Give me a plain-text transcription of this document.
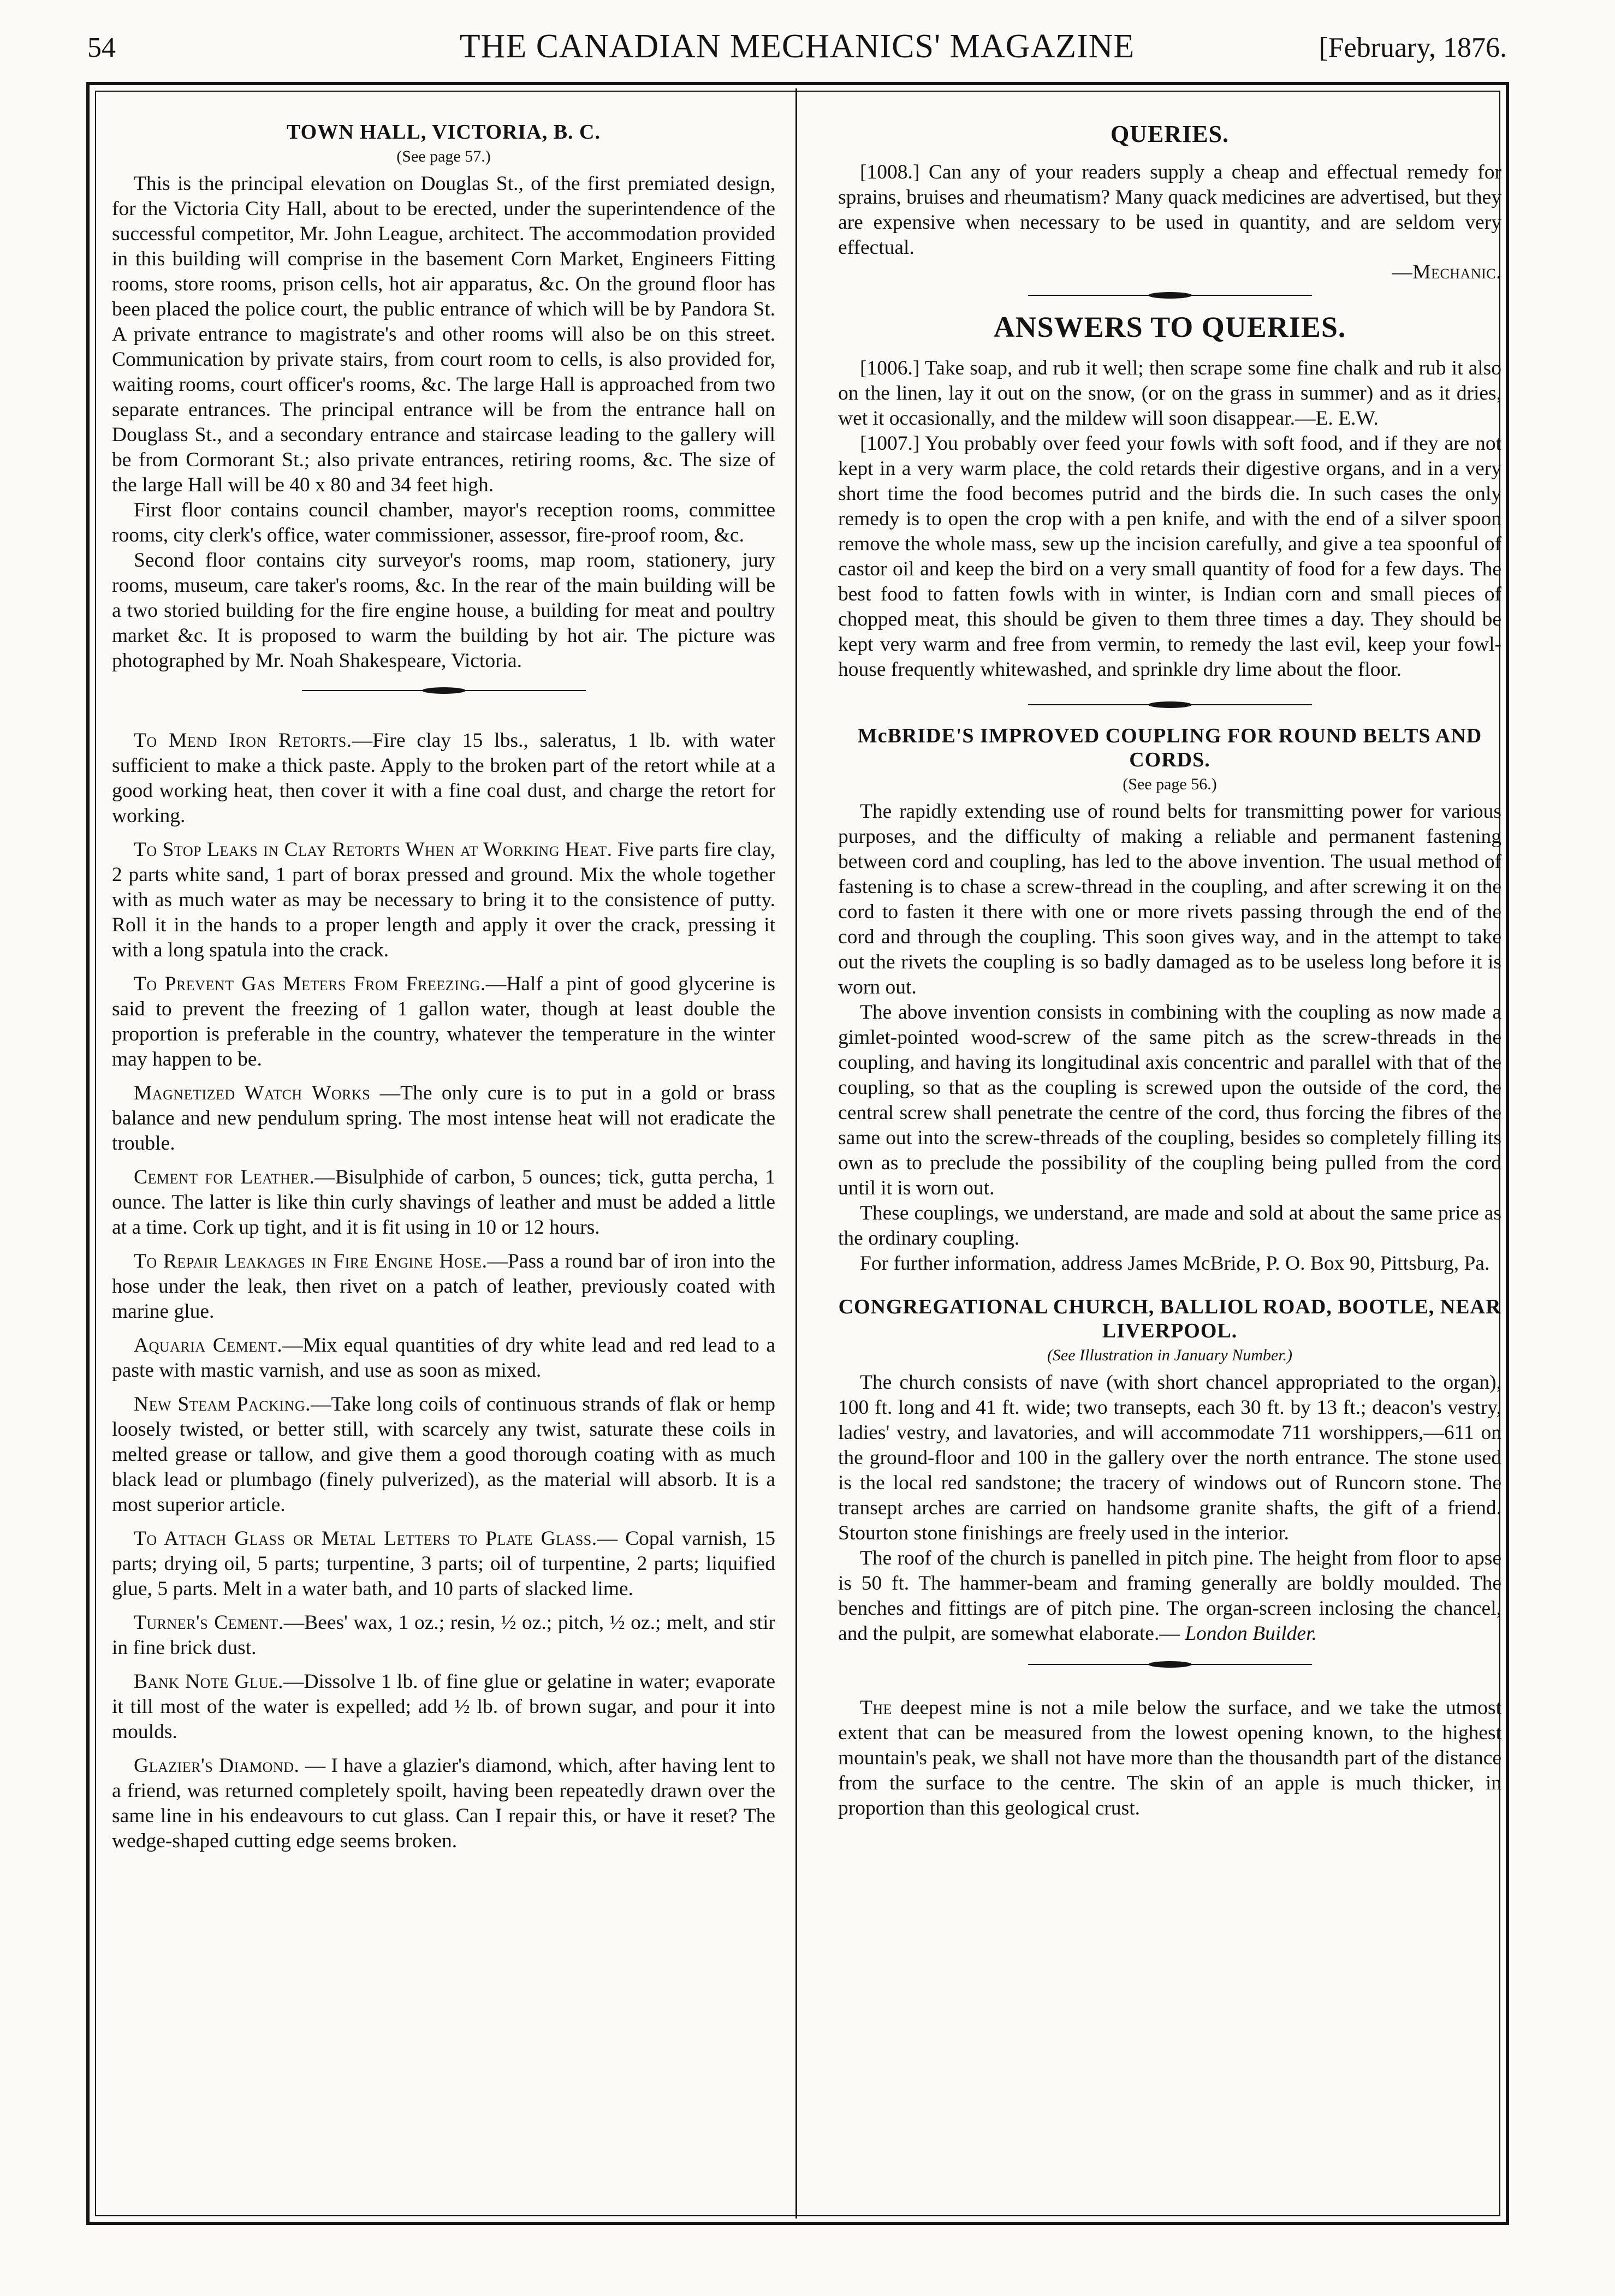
54	THE CANADIAN MECHANICS' MAGAZINE	[February, 1876.
TOWN HALL, VICTORIA, B. C.
(See page 57.)

This is the principal elevation on Douglas St., of the first premiated design, for the Victoria City Hall, about to be erected, under the superintendence of the successful competitor, Mr. John League, architect. The accommodation provided in this building will comprise in the basement Corn Market, Engineers Fitting rooms, store rooms, prison cells, hot air apparatus, &c. On the ground floor has been placed the police court, the public entrance of which will be by Pandora St. A private entrance to magistrate's and other rooms will also be on this street. Communication by private stairs, from court room to cells, is also provided for, waiting rooms, court officer's rooms, &c. The large Hall is approached from two separate entrances. The principal entrance will be from the entrance hall on Douglass St., and a secondary entrance and staircase leading to the gallery will be from Cormorant St.; also private entrances, retiring rooms, &c. The size of the large Hall will be 40 x 80 and 34 feet high.

First floor contains council chamber, mayor's reception rooms, committee rooms, city clerk's office, water commissioner, assessor, fire-proof room, &c.

Second floor contains city surveyor's rooms, map room, stationery, jury rooms, museum, care taker's rooms, &c. In the rear of the main building will be a two storied building for the fire engine house, a building for meat and poultry market &c. It is proposed to warm the building by hot air. The picture was photographed by Mr. Noah Shakespeare, Victoria.

To Mend Iron Retorts.—Fire clay 15 lbs., saleratus, 1 lb. with water sufficient to make a thick paste. Apply to the broken part of the retort while at a good working heat, then cover it with a fine coal dust, and charge the retort for working.

To Stop Leaks in Clay Retorts When at Working Heat. Five parts fire clay, 2 parts white sand, 1 part of borax pressed and ground. Mix the whole together with as much water as may be necessary to bring it to the consistence of putty. Roll it in the hands to a proper length and apply it over the crack, pressing it with a long spatula into the crack.

To Prevent Gas Meters From Freezing.—Half a pint of good glycerine is said to prevent the freezing of 1 gallon water, though at least double the proportion is preferable in the country, whatever the temperature in the winter may happen to be.

Magnetized Watch Works —The only cure is to put in a gold or brass balance and new pendulum spring. The most intense heat will not eradicate the trouble.

Cement for Leather.—Bisulphide of carbon, 5 ounces; tick, gutta percha, 1 ounce. The latter is like thin curly shavings of leather and must be added a little at a time. Cork up tight, and it is fit using in 10 or 12 hours.

To Repair Leakages in Fire Engine Hose.—Pass a round bar of iron into the hose under the leak, then rivet on a patch of leather, previously coated with marine glue.

Aquaria Cement.—Mix equal quantities of dry white lead and red lead to a paste with mastic varnish, and use as soon as mixed.

New Steam Packing.—Take long coils of continuous strands of flak or hemp loosely twisted, or better still, with scarcely any twist, saturate these coils in melted grease or tallow, and give them a good thorough coating with as much black lead or plumbago (finely pulverized), as the material will absorb. It is a most superior article.

To Attach Glass or Metal Letters to Plate Glass.— Copal varnish, 15 parts; drying oil, 5 parts; turpentine, 3 parts; oil of turpentine, 2 parts; liquified glue, 5 parts. Melt in a water bath, and 10 parts of slacked lime.

Turner's Cement.—Bees' wax, 1 oz.; resin, ½ oz.; pitch, ½ oz.; melt, and stir in fine brick dust.

Bank Note Glue.—Dissolve 1 lb. of fine glue or gelatine in water; evaporate it till most of the water is expelled; add ½ lb. of brown sugar, and pour it into moulds.

Glazier's Diamond. — I have a glazier's diamond, which, after having lent to a friend, was returned completely spoilt, having been repeatedly drawn over the same line in his endeavours to cut glass. Can I repair this, or have it reset? The wedge-shaped cutting edge seems broken.

QUERIES.

[1008.] Can any of your readers supply a cheap and effectual remedy for sprains, bruises and rheumatism? Many quack medicines are advertised, but they are expensive when necessary to be used in quantity, and are seldom very effectual.

—Mechanic.
ANSWERS TO QUERIES.

[1006.] Take soap, and rub it well; then scrape some fine chalk and rub it also on the linen, lay it out on the snow, (or on the grass in summer) and as it dries, wet it occasionally, and the mildew will soon disappear.—E. E.W.

[1007.] You probably over feed your fowls with soft food, and if they are not kept in a very warm place, the cold retards their digestive organs, and in a very short time the food becomes putrid and the birds die. In such cases the only remedy is to open the crop with a pen knife, and with the end of a silver spoon remove the whole mass, sew up the incision carefully, and give a tea spoonful of castor oil and keep the bird on a very small quantity of food for a few days. The best food to fatten fowls with in winter, is Indian corn and small pieces of chopped meat, this should be given to them three times a day. They should be kept very warm and free from vermin, to remedy the last evil, keep your fowl-house frequently whitewashed, and sprinkle dry lime about the floor.

McBRIDE'S IMPROVED COUPLING FOR ROUND BELTS AND CORDS.
(See page 56.)

The rapidly extending use of round belts for transmitting power for various purposes, and the difficulty of making a reliable and permanent fastening between cord and coupling, has led to the above invention. The usual method of fastening is to chase a screw-thread in the coupling, and after screwing it on the cord to fasten it there with one or more rivets passing through the end of the cord and through the coupling. This soon gives way, and in the attempt to take out the rivets the coupling is so badly damaged as to be useless long before it is worn out.

The above invention consists in combining with the coupling as now made a gimlet-pointed wood-screw of the same pitch as the screw-threads in the coupling, and having its longitudinal axis concentric and parallel with that of the coupling, so that as the coupling is screwed upon the outside of the cord, the central screw shall penetrate the centre of the cord, thus forcing the fibres of the same out into the screw-threads of the coupling, besides so completely filling its own as to preclude the possibility of the coupling being pulled from the cord until it is worn out.

These couplings, we understand, are made and sold at about the same price as the ordinary coupling.

For further information, address James McBride, P. O. Box 90, Pittsburg, Pa.

CONGREGATIONAL CHURCH, BALLIOL ROAD, BOOTLE, NEAR LIVERPOOL.
(See Illustration in January Number.)

The church consists of nave (with short chancel appropriated to the organ), 100 ft. long and 41 ft. wide; two transepts, each 30 ft. by 13 ft.; deacon's vestry, ladies' vestry, and lavatories, and will accommodate 711 worshippers,—611 on the ground-floor and 100 in the gallery over the north entrance. The stone used is the local red sandstone; the tracery of windows out of Runcorn stone. The transept arches are carried on handsome granite shafts, the gift of a friend. Stourton stone finishings are freely used in the interior.

The roof of the church is panelled in pitch pine. The height from floor to apse is 50 ft. The hammer-beam and framing generally are boldly moulded. The benches and fittings are of pitch pine. The organ-screen inclosing the chancel, and the pulpit, are somewhat elaborate.— London Builder.

The deepest mine is not a mile below the surface, and we take the utmost extent that can be measured from the lowest opening known, to the highest mountain's peak, we shall not have more than the thousandth part of the distance from the surface to the centre. The skin of an apple is much thicker, in proportion than this geological crust.
